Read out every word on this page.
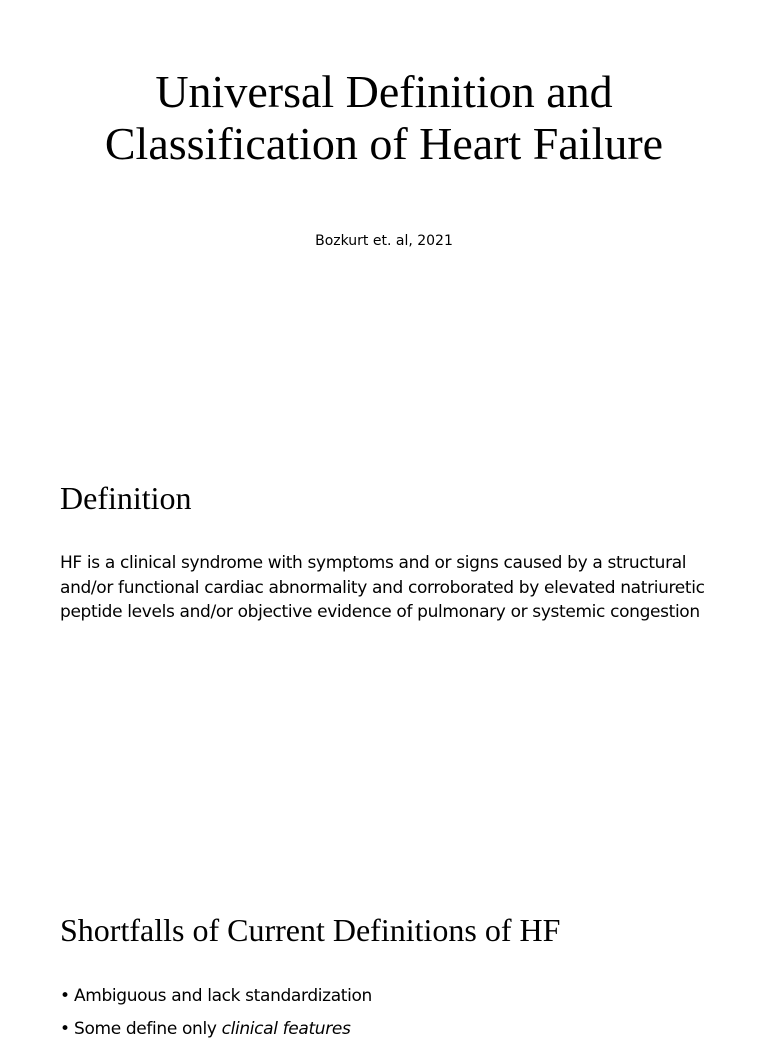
Universal Definition and Classification of Heart Failure

Bozkurt et. al, 2021

Definition

HF is a clinical syndrome with symptoms and or signs caused by a structural and/or functional cardiac abnormality and corroborated by elevated natriuretic peptide levels and/or objective evidence of pulmonary or systemic congestion

Shortfalls of Current Definitions of HF
• Ambiguous and lack standardization
• Some define only clinical features
